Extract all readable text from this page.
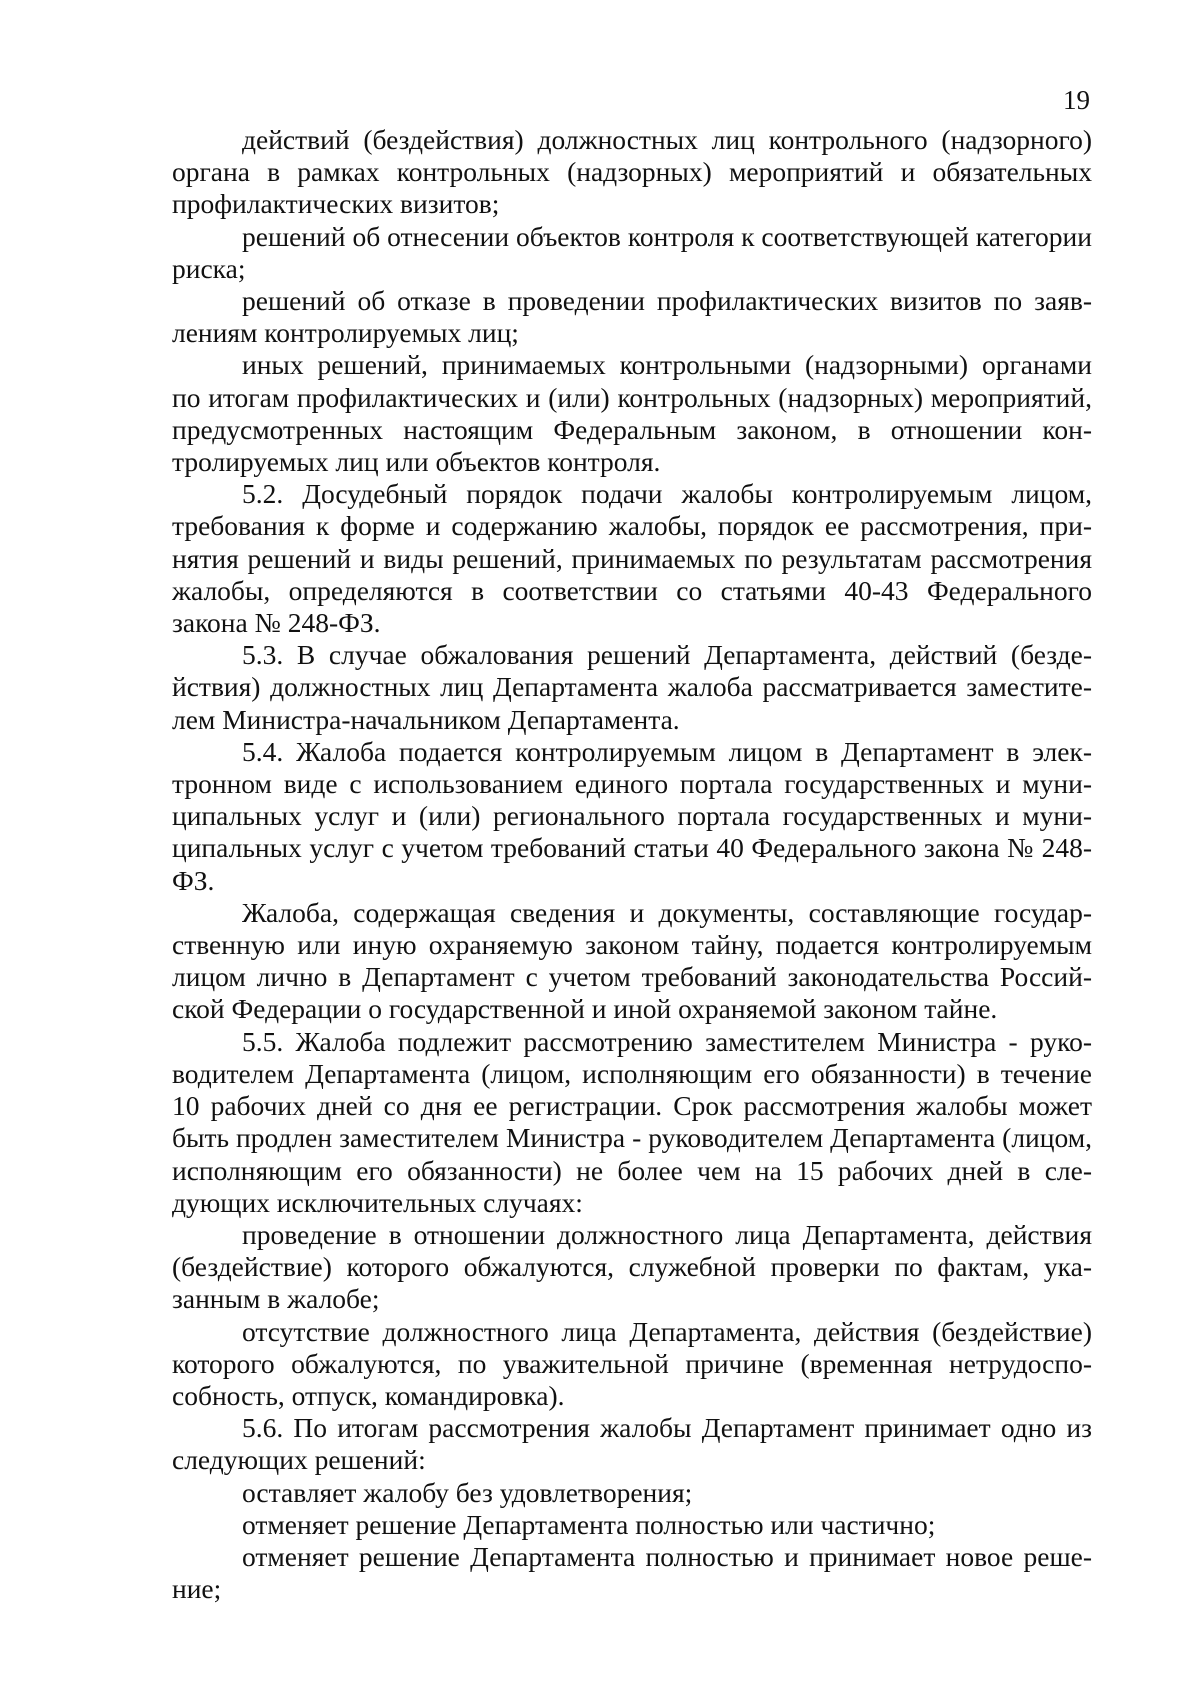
19

действий (бездействия) должностных лиц контрольного (надзорного) органа в рамках контрольных (надзорных) мероприятий и обязательных профилактических визитов;

решений об отнесении объектов контроля к соответствующей категории риска;

решений об отказе в проведении профилактических визитов по заявлениям контролируемых лиц;

иных решений, принимаемых контрольными (надзорными) органами по итогам профилактических и (или) контрольных (надзорных) мероприятий, предусмотренных настоящим Федеральным законом, в отношении контролируемых лиц или объектов контроля.

5.2. Досудебный порядок подачи жалобы контролируемым лицом, требования к форме и содержанию жалобы, порядок ее рассмотрения, принятия решений и виды решений, принимаемых по результатам рассмотрения жалобы, определяются в соответствии со статьями 40-43 Федерального закона № 248-ФЗ.

5.3. В случае обжалования решений Департамента, действий (бездействия) должностных лиц Департамента жалоба рассматривается заместителем Министра-начальником Департамента.

5.4. Жалоба подается контролируемым лицом в Департамент в электронном виде с использованием единого портала государственных и муниципальных услуг и (или) регионального портала государственных и муниципальных услуг с учетом требований статьи 40 Федерального закона № 248-ФЗ.

Жалоба, содержащая сведения и документы, составляющие государственную или иную охраняемую законом тайну, подается контролируемым лицом лично в Департамент с учетом требований законодательства Российской Федерации о государственной и иной охраняемой законом тайне.

5.5. Жалоба подлежит рассмотрению заместителем Министра - руководителем Департамента (лицом, исполняющим его обязанности) в течение 10 рабочих дней со дня ее регистрации. Срок рассмотрения жалобы может быть продлен заместителем Министра - руководителем Департамента (лицом, исполняющим его обязанности) не более чем на 15 рабочих дней в следующих исключительных случаях:

проведение в отношении должностного лица Департамента, действия (бездействие) которого обжалуются, служебной проверки по фактам, указанным в жалобе;

отсутствие должностного лица Департамента, действия (бездействие) которого обжалуются, по уважительной причине (временная нетрудоспособность, отпуск, командировка).

5.6. По итогам рассмотрения жалобы Департамент принимает одно из следующих решений:

оставляет жалобу без удовлетворения;

отменяет решение Департамента полностью или частично;

отменяет решение Департамента полностью и принимает новое решение;
